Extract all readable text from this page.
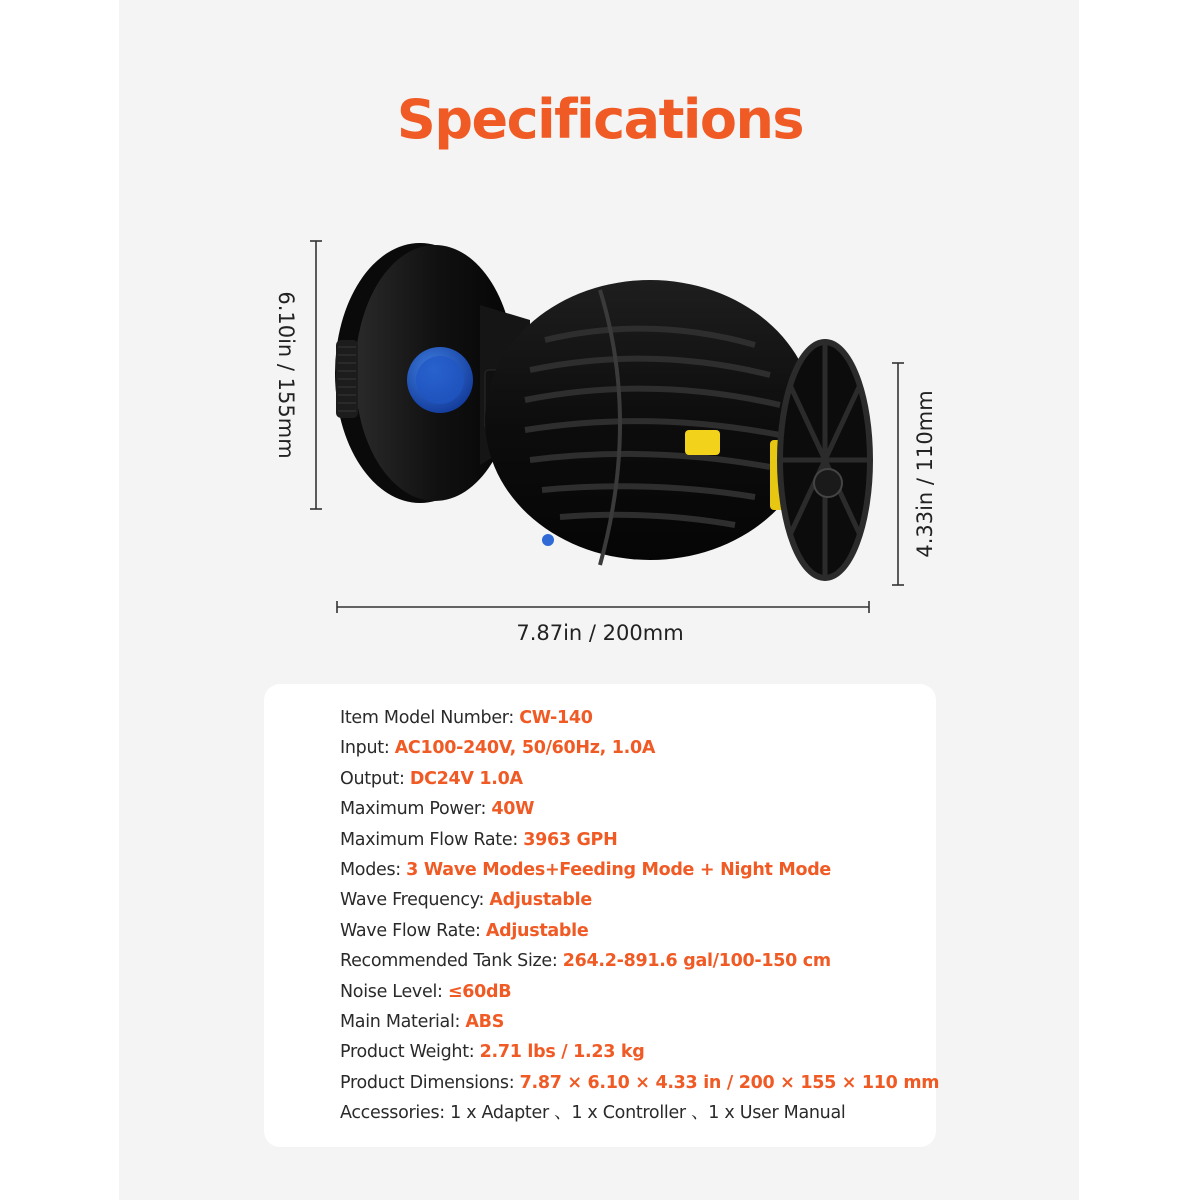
Specifications
6.10in / 155mm
4.33in / 110mm
7.87in / 200mm
Item Model Number: CW-140
Input: AC100-240V, 50/60Hz, 1.0A
Output: DC24V 1.0A
Maximum Power: 40W
Maximum Flow Rate: 3963 GPH
Modes: 3 Wave Modes+Feeding Mode + Night Mode
Wave Frequency: Adjustable
Wave Flow Rate: Adjustable
Recommended Tank Size: 264.2-891.6 gal/100-150 cm
Noise Level: ≤60dB
Main Material: ABS
Product Weight: 2.71 lbs / 1.23 kg
Product Dimensions: 7.87 × 6.10 × 4.33 in / 200 × 155 × 110 mm
Accessories: 1 x Adapter 、1 x Controller 、1 x User Manual
